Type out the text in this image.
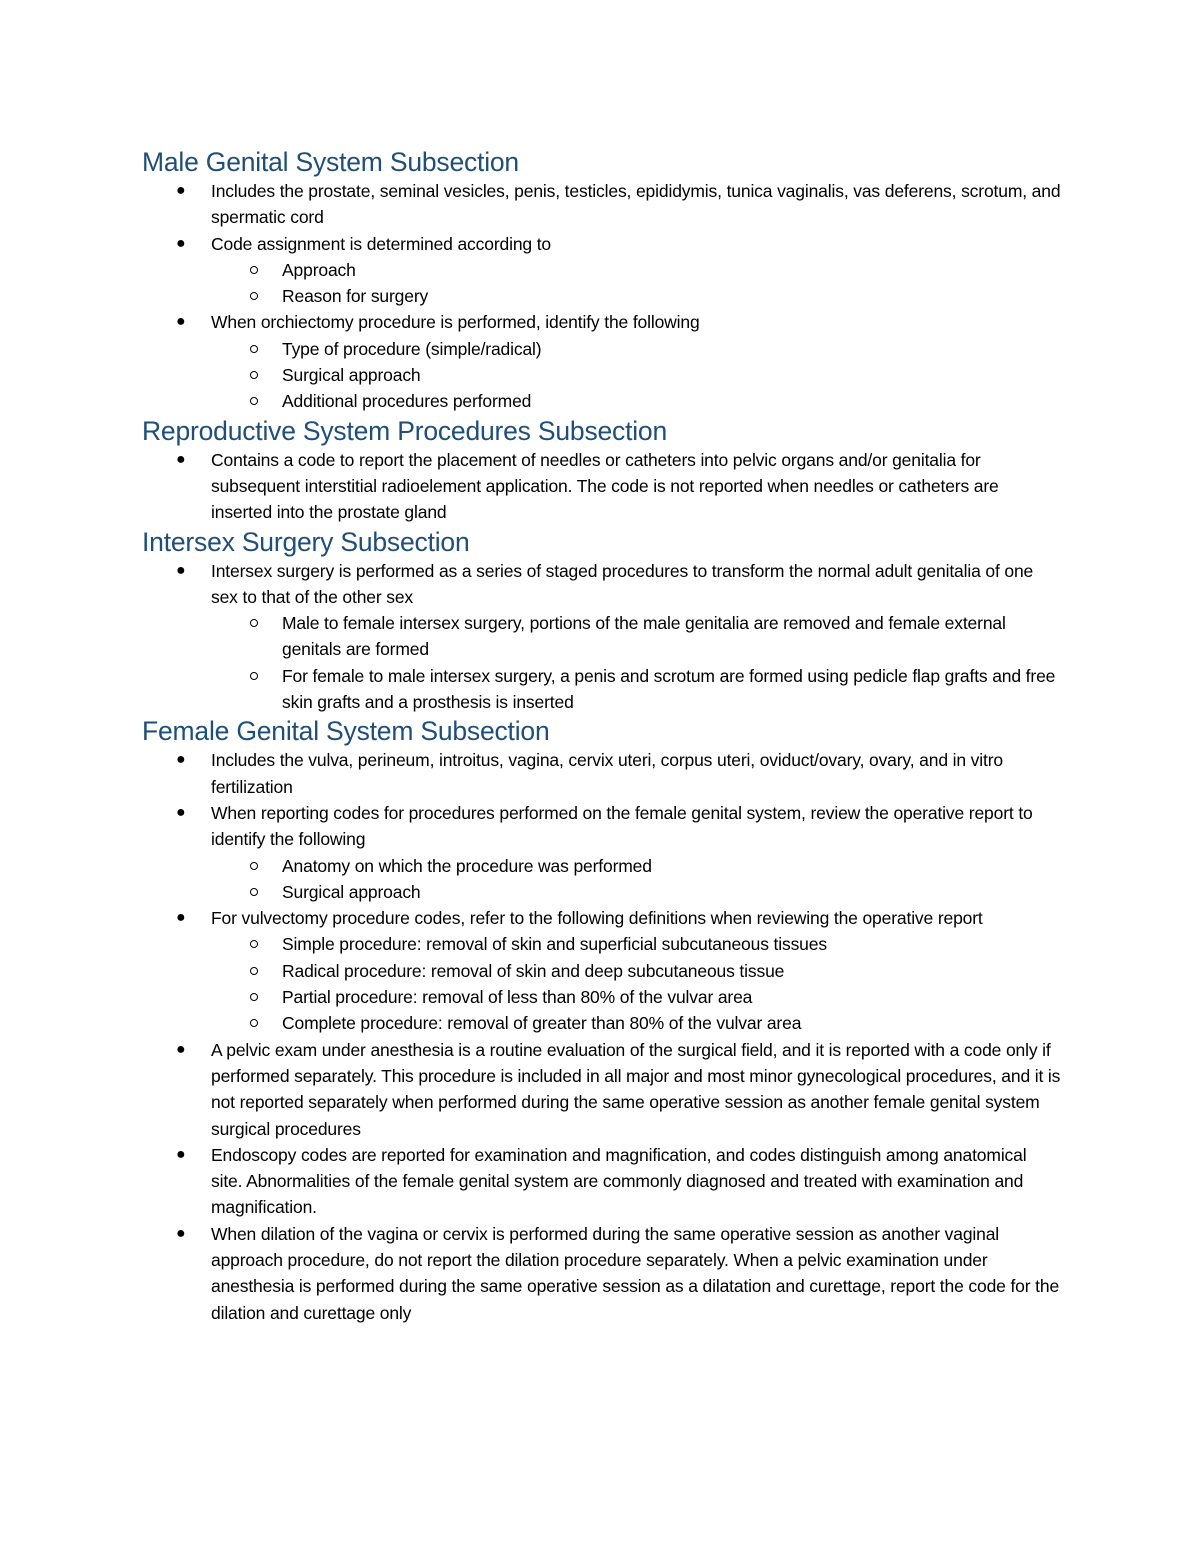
Male Genital System Subsection
● Includes the prostate, seminal vesicles, penis, testicles, epididymis, tunica vaginalis, vas deferens, scrotum, and spermatic cord
● Code assignment is determined according to
Approach
Reason for surgery
● When orchiectomy procedure is performed, identify the following
Type of procedure (simple/radical)
Surgical approach
Additional procedures performed
Reproductive System Procedures Subsection
● Contains a code to report the placement of needles or catheters into pelvic organs and/or genitalia for subsequent interstitial radioelement application. The code is not reported when needles or catheters are inserted into the prostate gland
Intersex Surgery Subsection
● Intersex surgery is performed as a series of staged procedures to transform the normal adult genitalia of one sex to that of the other sex
Male to female intersex surgery, portions of the male genitalia are removed and female external genitals are formed
For female to male intersex surgery, a penis and scrotum are formed using pedicle flap grafts and free skin grafts and a prosthesis is inserted
Female Genital System Subsection
● Includes the vulva, perineum, introitus, vagina, cervix uteri, corpus uteri, oviduct/ovary, ovary, and in vitro fertilization
● When reporting codes for procedures performed on the female genital system, review the operative report to identify the following
Anatomy on which the procedure was performed
Surgical approach
● For vulvectomy procedure codes, refer to the following definitions when reviewing the operative report
Simple procedure: removal of skin and superficial subcutaneous tissues
Radical procedure: removal of skin and deep subcutaneous tissue
Partial procedure: removal of less than 80% of the vulvar area
Complete procedure: removal of greater than 80% of the vulvar area
● A pelvic exam under anesthesia is a routine evaluation of the surgical field, and it is reported with a code only if performed separately. This procedure is included in all major and most minor gynecological procedures, and it is not reported separately when performed during the same operative session as another female genital system surgical procedures
● Endoscopy codes are reported for examination and magnification, and codes distinguish among anatomical site. Abnormalities of the female genital system are commonly diagnosed and treated with examination and magnification.
● When dilation of the vagina or cervix is performed during the same operative session as another vaginal approach procedure, do not report the dilation procedure separately. When a pelvic examination under anesthesia is performed during the same operative session as a dilatation and curettage, report the code for the dilation and curettage only
